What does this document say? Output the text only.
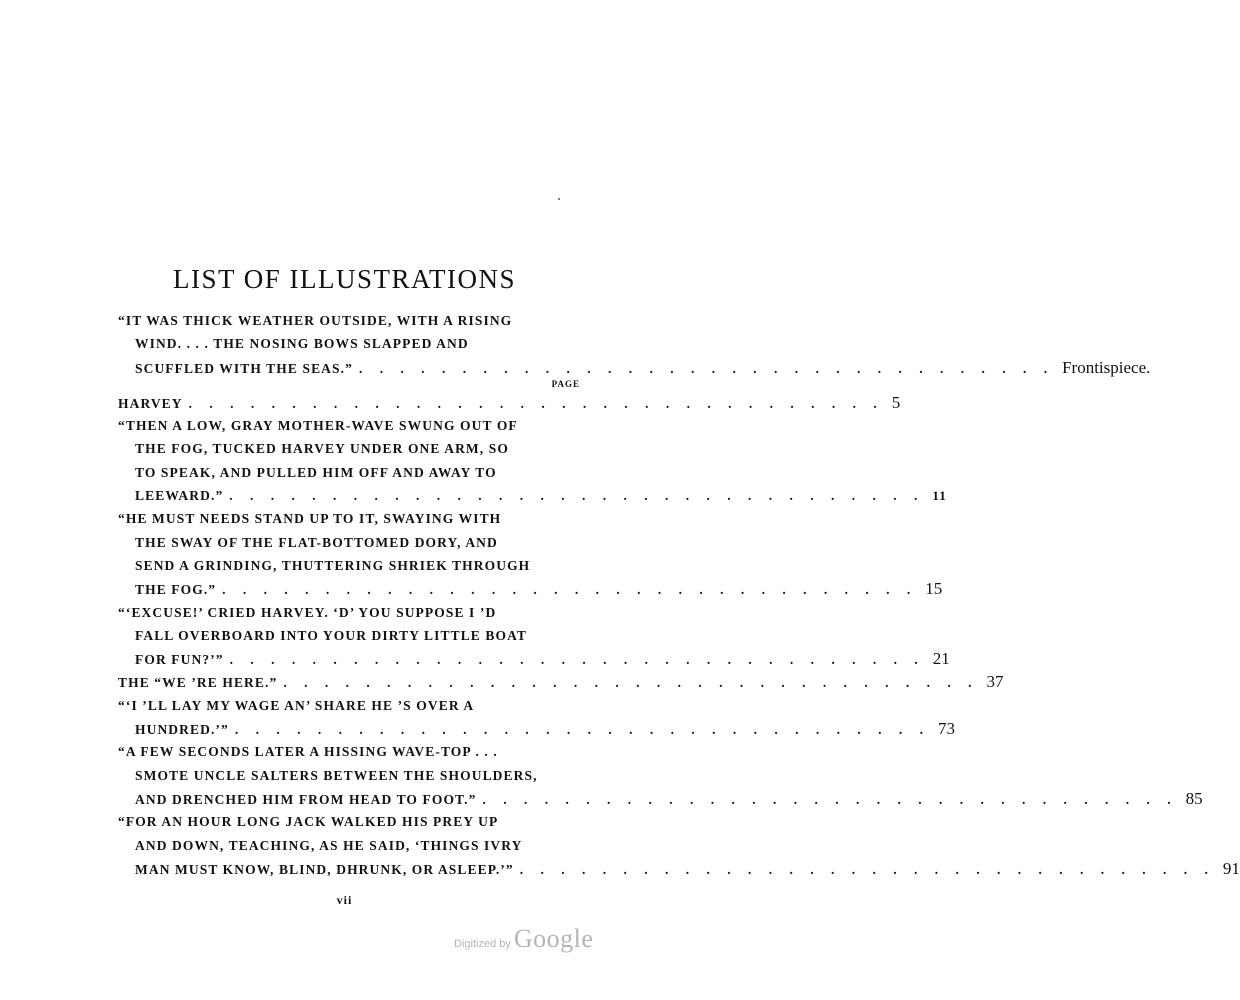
LIST OF ILLUSTRATIONS
“IT WAS THICK WEATHER OUTSIDE, WITH A RISING
WIND. . . . THE NOSING BOWS SLAPPED AND
SCUFFLED WITH THE SEAS.” . . . . . . . . . . . . . . . . . . . . . . . . . . . . . . . . . . Frontispiece.
PAGE
HARVEY . . . . . . . . . . . . . . . . . . . . . . . . . . . . . . . . . . 5
“THEN A LOW, GRAY MOTHER-WAVE SWUNG OUT OF
THE FOG, TUCKED HARVEY UNDER ONE ARM, SO
TO SPEAK, AND PULLED HIM OFF AND AWAY TO
LEEWARD.” . . . . . . . . . . . . . . . . . . . . . . . . . . . . . . . . . . 11
“HE MUST NEEDS STAND UP TO IT, SWAYING WITH
THE SWAY OF THE FLAT-BOTTOMED DORY, AND
SEND A GRINDING, THUTTERING SHRIEK THROUGH
THE FOG.” . . . . . . . . . . . . . . . . . . . . . . . . . . . . . . . . . . 15
“‘EXCUSE!’ CRIED HARVEY. ‘D’ YOU SUPPOSE I ’D
FALL OVERBOARD INTO YOUR DIRTY LITTLE BOAT
FOR FUN?’” . . . . . . . . . . . . . . . . . . . . . . . . . . . . . . . . . . 21
THE “WE ’RE HERE.” . . . . . . . . . . . . . . . . . . . . . . . . . . . . . . . . . . 37
“‘I ’LL LAY MY WAGE AN’ SHARE HE ’S OVER A
HUNDRED.’” . . . . . . . . . . . . . . . . . . . . . . . . . . . . . . . . . . 73
“A FEW SECONDS LATER A HISSING WAVE-TOP . . .
SMOTE UNCLE SALTERS BETWEEN THE SHOULDERS,
AND DRENCHED HIM FROM HEAD TO FOOT.” . . . . . . . . . . . . . . . . . . . . . . . . . . . . . . . . . . 85
“FOR AN HOUR LONG JACK WALKED HIS PREY UP
AND DOWN, TEACHING, AS HE SAID, ‘THINGS IVRY
MAN MUST KNOW, BLIND, DHRUNK, OR ASLEEP.’” . . . . . . . . . . . . . . . . . . . . . . . . . . . . . . . . . . 91
vii
Digitized by Google
